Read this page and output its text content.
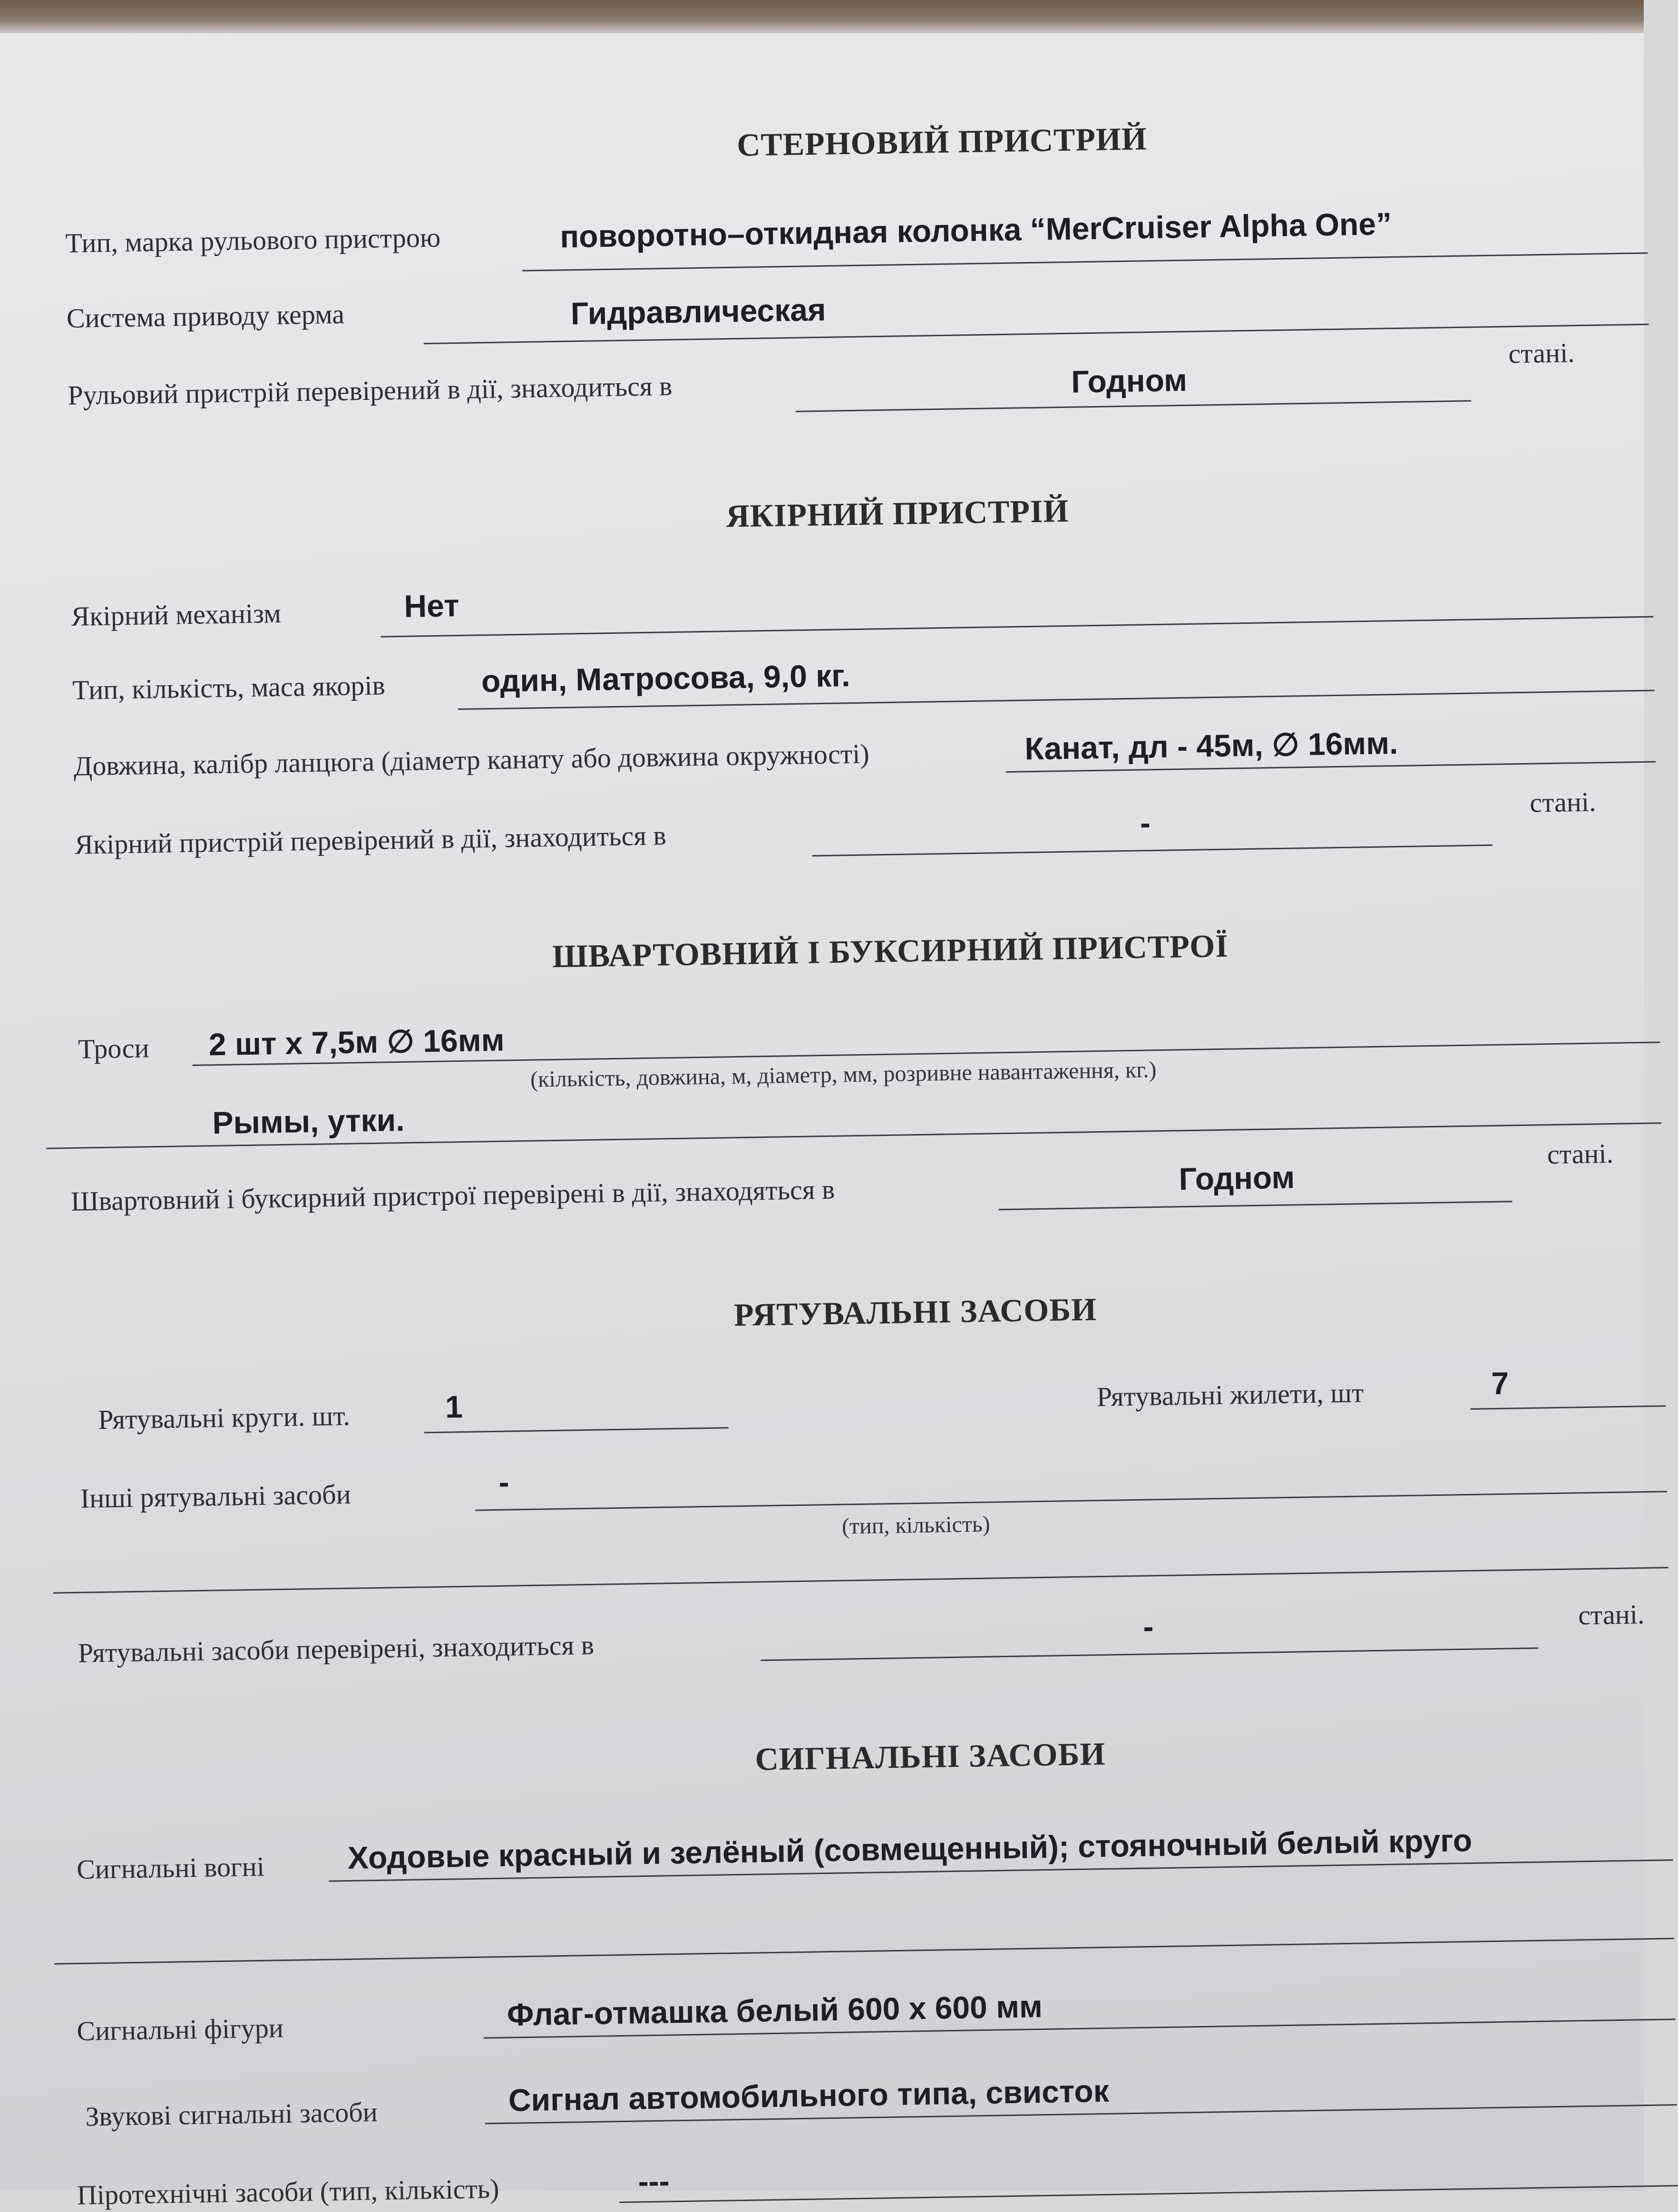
СТЕРНОВИЙ ПРИСТРИЙ
Тип, марка рульового пристрою	поворотно–откидная колонка “MerCruiser Alpha One”
Система приводу керма	Гидравлическая
Рульовий пристрій перевірений в дії, знаходиться в	Годном
стані.
ЯКІРНИЙ ПРИСТРІЙ
Якірний механізм	Нет
Тип, кількість, маса якорів	один, Матросова, 9,0 кг.
Довжина, калібр ланцюга (діаметр канату або довжина окружності)	Канат, дл - 45м, ∅ 16мм.
Якірний пристрій перевірений в дії, знаходиться в	-
стані.
ШВАРТОВНИЙ І БУКСИРНИЙ ПРИСТРОЇ
Троси 2 шт х 7,5м ∅ 16мм
(кількість, довжина, м, діаметр, мм, розривне навантаження, кг.)
Рымы, утки.
Швартовний і буксирний пристрої перевірені в дії, знаходяться в	Годном
стані.
РЯТУВАЛЬНІ ЗАСОБИ
Рятувальні круги. шт.	1	Рятувальні жилети, шт	7
Інші рятувальні засоби	-
(тип, кількість)
Рятувальні засоби перевірені, знаходиться в
-	стані.
СИГНАЛЬНІ ЗАСОБИ
Сигнальні вогні	Ходовые красный и зелёный (совмещенный); стояночный белый круго
Сигнальні фігури	Флаг-отмашка белый 600 х 600 мм
Звукові сигнальні засоби	Сигнал автомобильного типа, свисток
Піротехнічні засоби (тип, кількість)	---
